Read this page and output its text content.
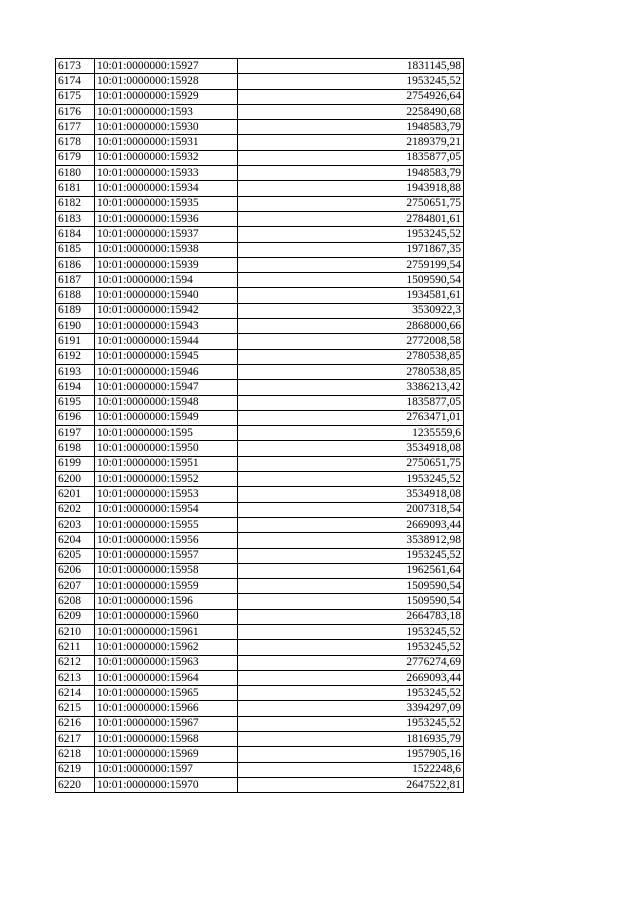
6173	10:01:0000000:15927	1831145,98
6174	10:01:0000000:15928	1953245,52
6175	10:01:0000000:15929	2754926,64
6176	10:01:0000000:1593	2258490,68
6177	10:01:0000000:15930	1948583,79
6178	10:01:0000000:15931	2189379,21
6179	10:01:0000000:15932	1835877,05
6180	10:01:0000000:15933	1948583,79
6181	10:01:0000000:15934	1943918,88
6182	10:01:0000000:15935	2750651,75
6183	10:01:0000000:15936	2784801,61
6184	10:01:0000000:15937	1953245,52
6185	10:01:0000000:15938	1971867,35
6186	10:01:0000000:15939	2759199,54
6187	10:01:0000000:1594	1509590,54
6188	10:01:0000000:15940	1934581,61
6189	10:01:0000000:15942	3530922,3
6190	10:01:0000000:15943	2868000,66
6191	10:01:0000000:15944	2772008,58
6192	10:01:0000000:15945	2780538,85
6193	10:01:0000000:15946	2780538,85
6194	10:01:0000000:15947	3386213,42
6195	10:01:0000000:15948	1835877,05
6196	10:01:0000000:15949	2763471,01
6197	10:01:0000000:1595	1235559,6
6198	10:01:0000000:15950	3534918,08
6199	10:01:0000000:15951	2750651,75
6200	10:01:0000000:15952	1953245,52
6201	10:01:0000000:15953	3534918,08
6202	10:01:0000000:15954	2007318,54
6203	10:01:0000000:15955	2669093,44
6204	10:01:0000000:15956	3538912,98
6205	10:01:0000000:15957	1953245,52
6206	10:01:0000000:15958	1962561,64
6207	10:01:0000000:15959	1509590,54
6208	10:01:0000000:1596	1509590,54
6209	10:01:0000000:15960	2664783,18
6210	10:01:0000000:15961	1953245,52
6211	10:01:0000000:15962	1953245,52
6212	10:01:0000000:15963	2776274,69
6213	10:01:0000000:15964	2669093,44
6214	10:01:0000000:15965	1953245,52
6215	10:01:0000000:15966	3394297,09
6216	10:01:0000000:15967	1953245,52
6217	10:01:0000000:15968	1816935,79
6218	10:01:0000000:15969	1957905,16
6219	10:01:0000000:1597	1522248,6
6220	10:01:0000000:15970	2647522,81
